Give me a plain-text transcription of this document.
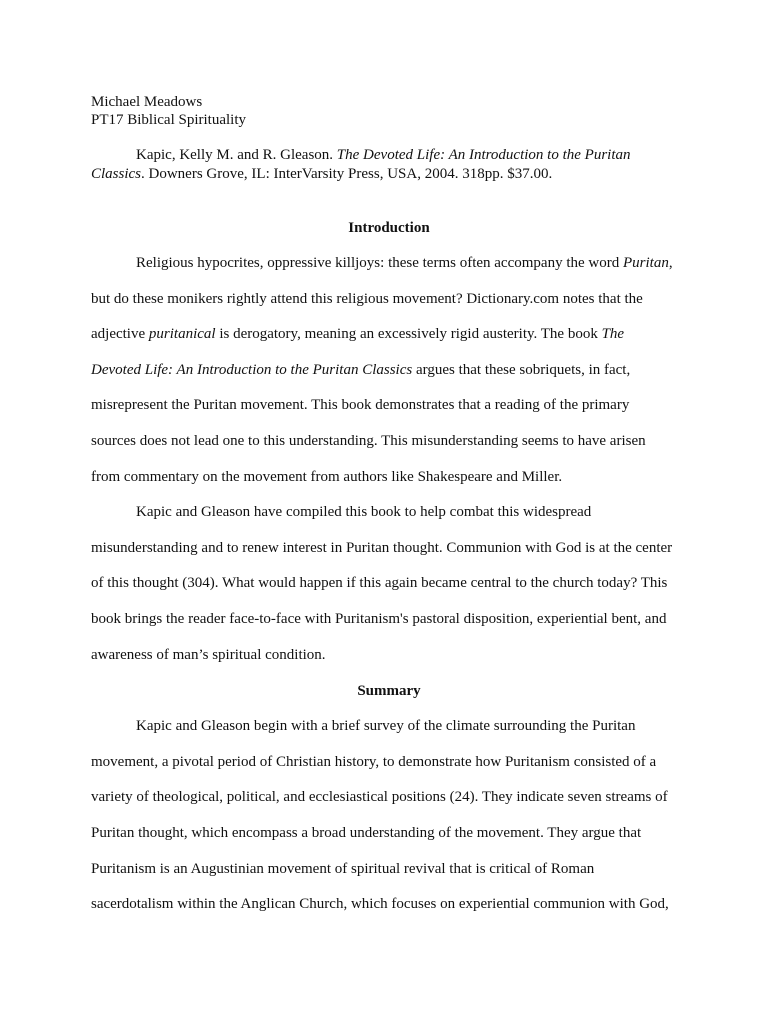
Michael Meadows
PT17 Biblical Spirituality
Kapic, Kelly M. and R. Gleason. The Devoted Life: An Introduction to the Puritan Classics. Downers Grove, IL: InterVarsity Press, USA, 2004. 318pp. $37.00.
Introduction
Religious hypocrites, oppressive killjoys: these terms often accompany the word Puritan,
but do these monikers rightly attend this religious movement? Dictionary.com notes that the
adjective puritanical is derogatory, meaning an excessively rigid austerity. The book The
Devoted Life: An Introduction to the Puritan Classics argues that these sobriquets, in fact,
misrepresent the Puritan movement. This book demonstrates that a reading of the primary
sources does not lead one to this understanding. This misunderstanding seems to have arisen
from commentary on the movement from authors like Shakespeare and Miller.
Kapic and Gleason have compiled this book to help combat this widespread
misunderstanding and to renew interest in Puritan thought. Communion with God is at the center
of this thought (304). What would happen if this again became central to the church today? This
book brings the reader face-to-face with Puritanism's pastoral disposition, experiential bent, and
awareness of man’s spiritual condition.
Summary
Kapic and Gleason begin with a brief survey of the climate surrounding the Puritan
movement, a pivotal period of Christian history, to demonstrate how Puritanism consisted of a
variety of theological, political, and ecclesiastical positions (24). They indicate seven streams of
Puritan thought, which encompass a broad understanding of the movement. They argue that
Puritanism is an Augustinian movement of spiritual revival that is critical of Roman
sacerdotalism within the Anglican Church, which focuses on experiential communion with God,
